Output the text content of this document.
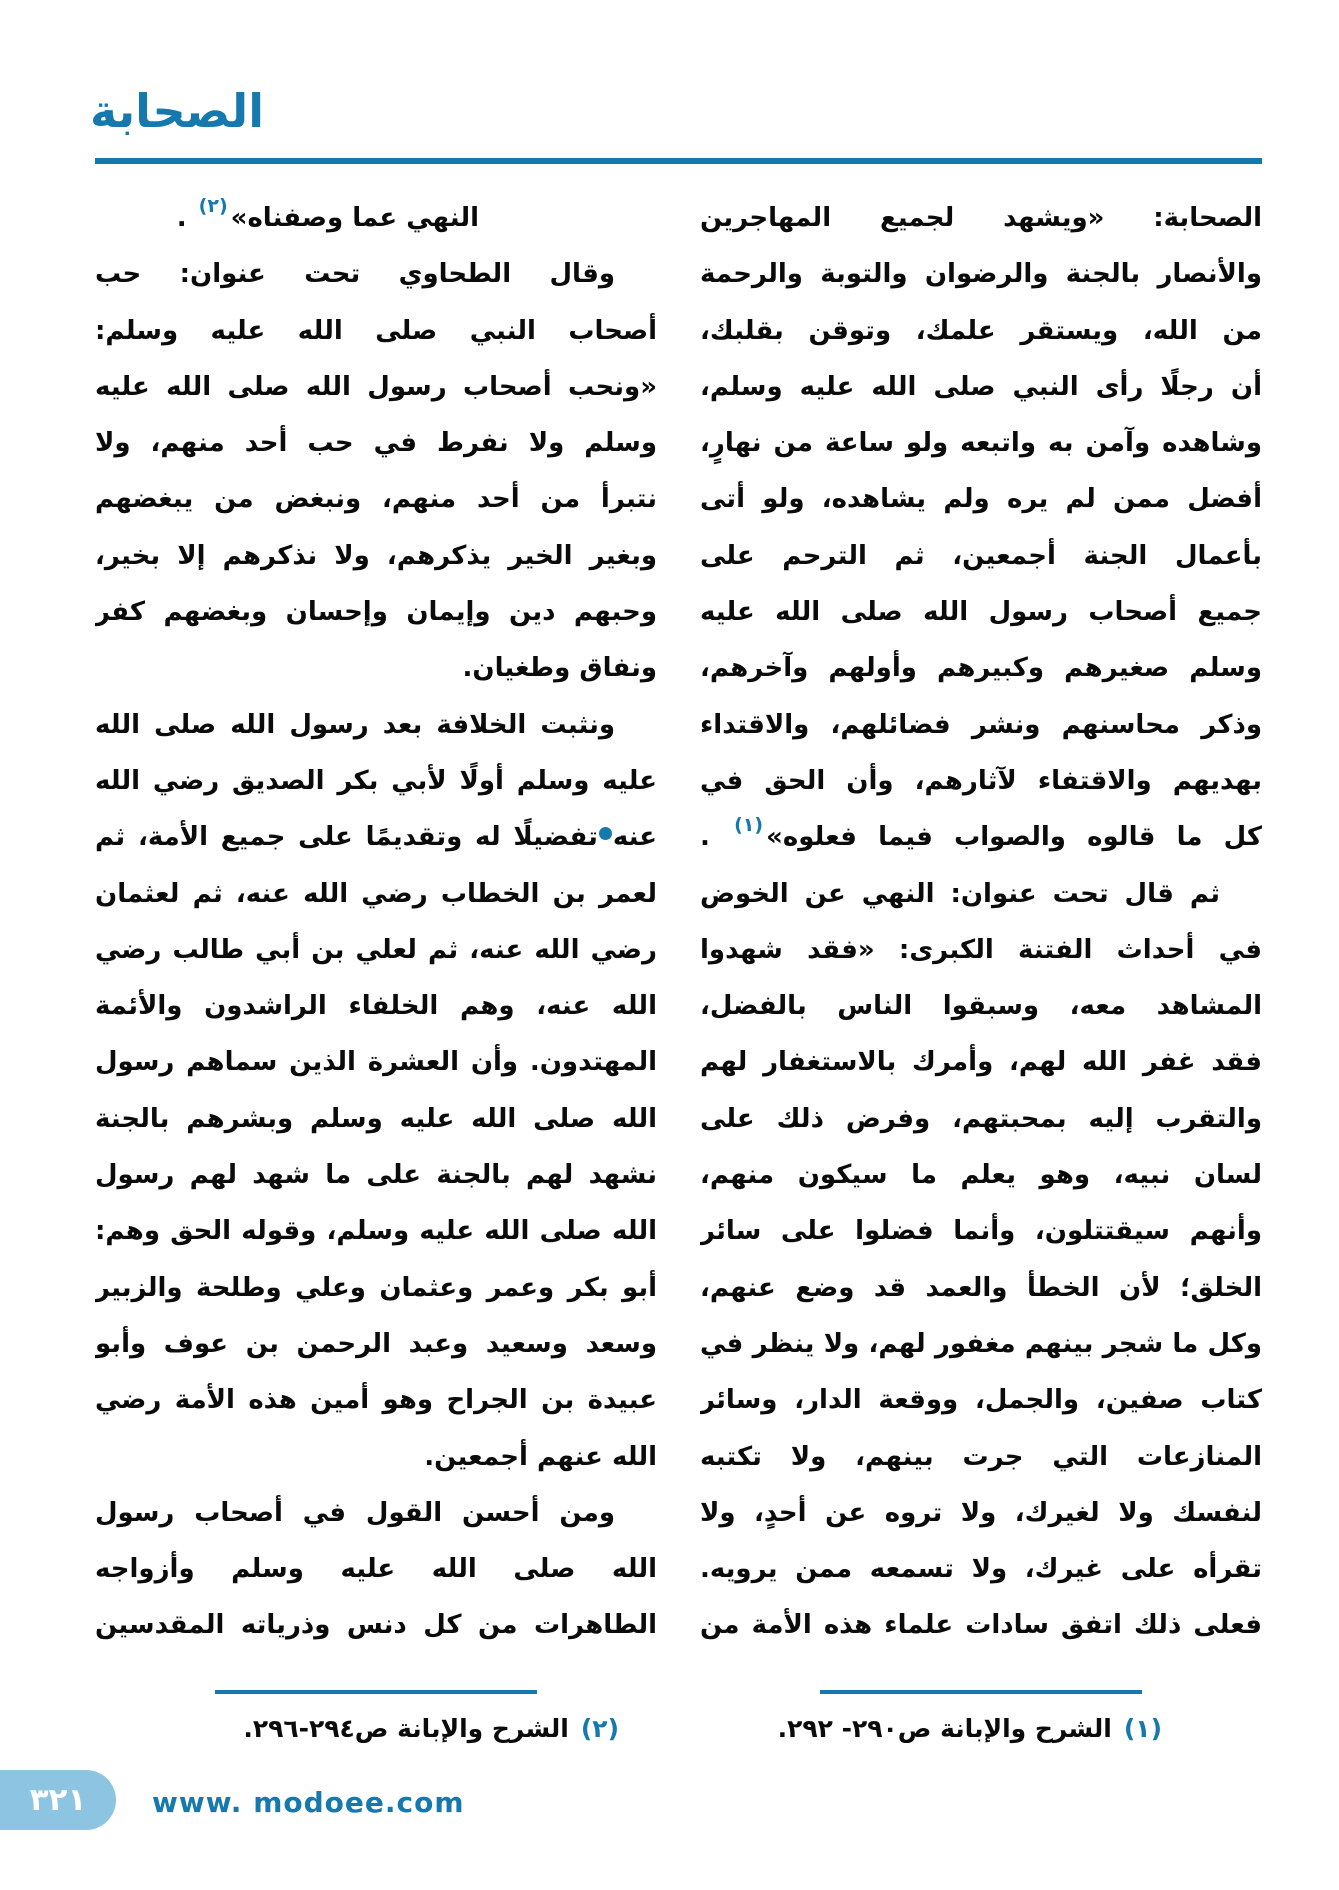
الصحابة
الصحابة: «ويشهد لجميع المهاجرين
والأنصار بالجنة والرضوان والتوبة والرحمة
من الله، ويستقر علمك، وتوقن بقلبك،
أن رجلًا رأى النبي صلى الله عليه وسلم،
وشاهده وآمن به واتبعه ولو ساعة من نهارٍ،
أفضل ممن لم يره ولم يشاهده، ولو أتى
بأعمال الجنة أجمعين، ثم الترحم على
جميع أصحاب رسول الله صلى الله عليه
وسلم صغيرهم وكبيرهم وأولهم وآخرهم،
وذكر محاسنهم ونشر فضائلهم، والاقتداء
بهديهم والاقتفاء لآثارهم، وأن الحق في
كل ما قالوه والصواب فيما فعلوه»(١) .
ثم قال تحت عنوان: النهي عن الخوض
في أحداث الفتنة الكبرى: «فقد شهدوا
المشاهد معه، وسبقوا الناس بالفضل،
فقد غفر الله لهم، وأمرك بالاستغفار لهم
والتقرب إليه بمحبتهم، وفرض ذلك على
لسان نبيه، وهو يعلم ما سيكون منهم،
وأنهم سيقتتلون، وأنما فضلوا على سائر
الخلق؛ لأن الخطأ والعمد قد وضع عنهم،
وكل ما شجر بينهم مغفور لهم، ولا ينظر في
كتاب صفين، والجمل، ووقعة الدار، وسائر
المنازعات التي جرت بينهم، ولا تكتبه
لنفسك ولا لغيرك، ولا تروه عن أحدٍ، ولا
تقرأه على غيرك، ولا تسمعه ممن يرويه.
فعلى ذلك اتفق سادات علماء هذه الأمة من
النهي عما وصفناه»(٢) .
وقال الطحاوي تحت عنوان: حب
أصحاب النبي صلى الله عليه وسلم:
«ونحب أصحاب رسول الله صلى الله عليه
وسلم ولا نفرط في حب أحد منهم، ولا
نتبرأ من أحد منهم، ونبغض من يبغضهم
وبغير الخير يذكرهم، ولا نذكرهم إلا بخير،
وحبهم دين وإيمان وإحسان وبغضهم كفر
ونفاق وطغيان.
ونثبت الخلافة بعد رسول الله صلى الله
عليه وسلم أولًا لأبي بكر الصديق رضي الله
عنهتفضيلًا له وتقديمًا على جميع الأمة، ثم
لعمر بن الخطاب رضي الله عنه، ثم لعثمان
رضي الله عنه، ثم لعلي بن أبي طالب رضي
الله عنه، وهم الخلفاء الراشدون والأئمة
المهتدون. وأن العشرة الذين سماهم رسول
الله صلى الله عليه وسلم وبشرهم بالجنة
نشهد لهم بالجنة على ما شهد لهم رسول
الله صلى الله عليه وسلم، وقوله الحق وهم:
أبو بكر وعمر وعثمان وعلي وطلحة والزبير
وسعد وسعيد وعبد الرحمن بن عوف وأبو
عبيدة بن الجراح وهو أمين هذه الأمة رضي
الله عنهم أجمعين.
ومن أحسن القول في أصحاب رسول
الله صلى الله عليه وسلم وأزواجه
الطاهرات من كل دنس وذرياته المقدسين
(١)الشرح والإبانة ص٢٩٠- ٢٩٢.
(٢)الشرح والإبانة ص٢٩٤-٢٩٦.
٣٢١	www. modoee.com
